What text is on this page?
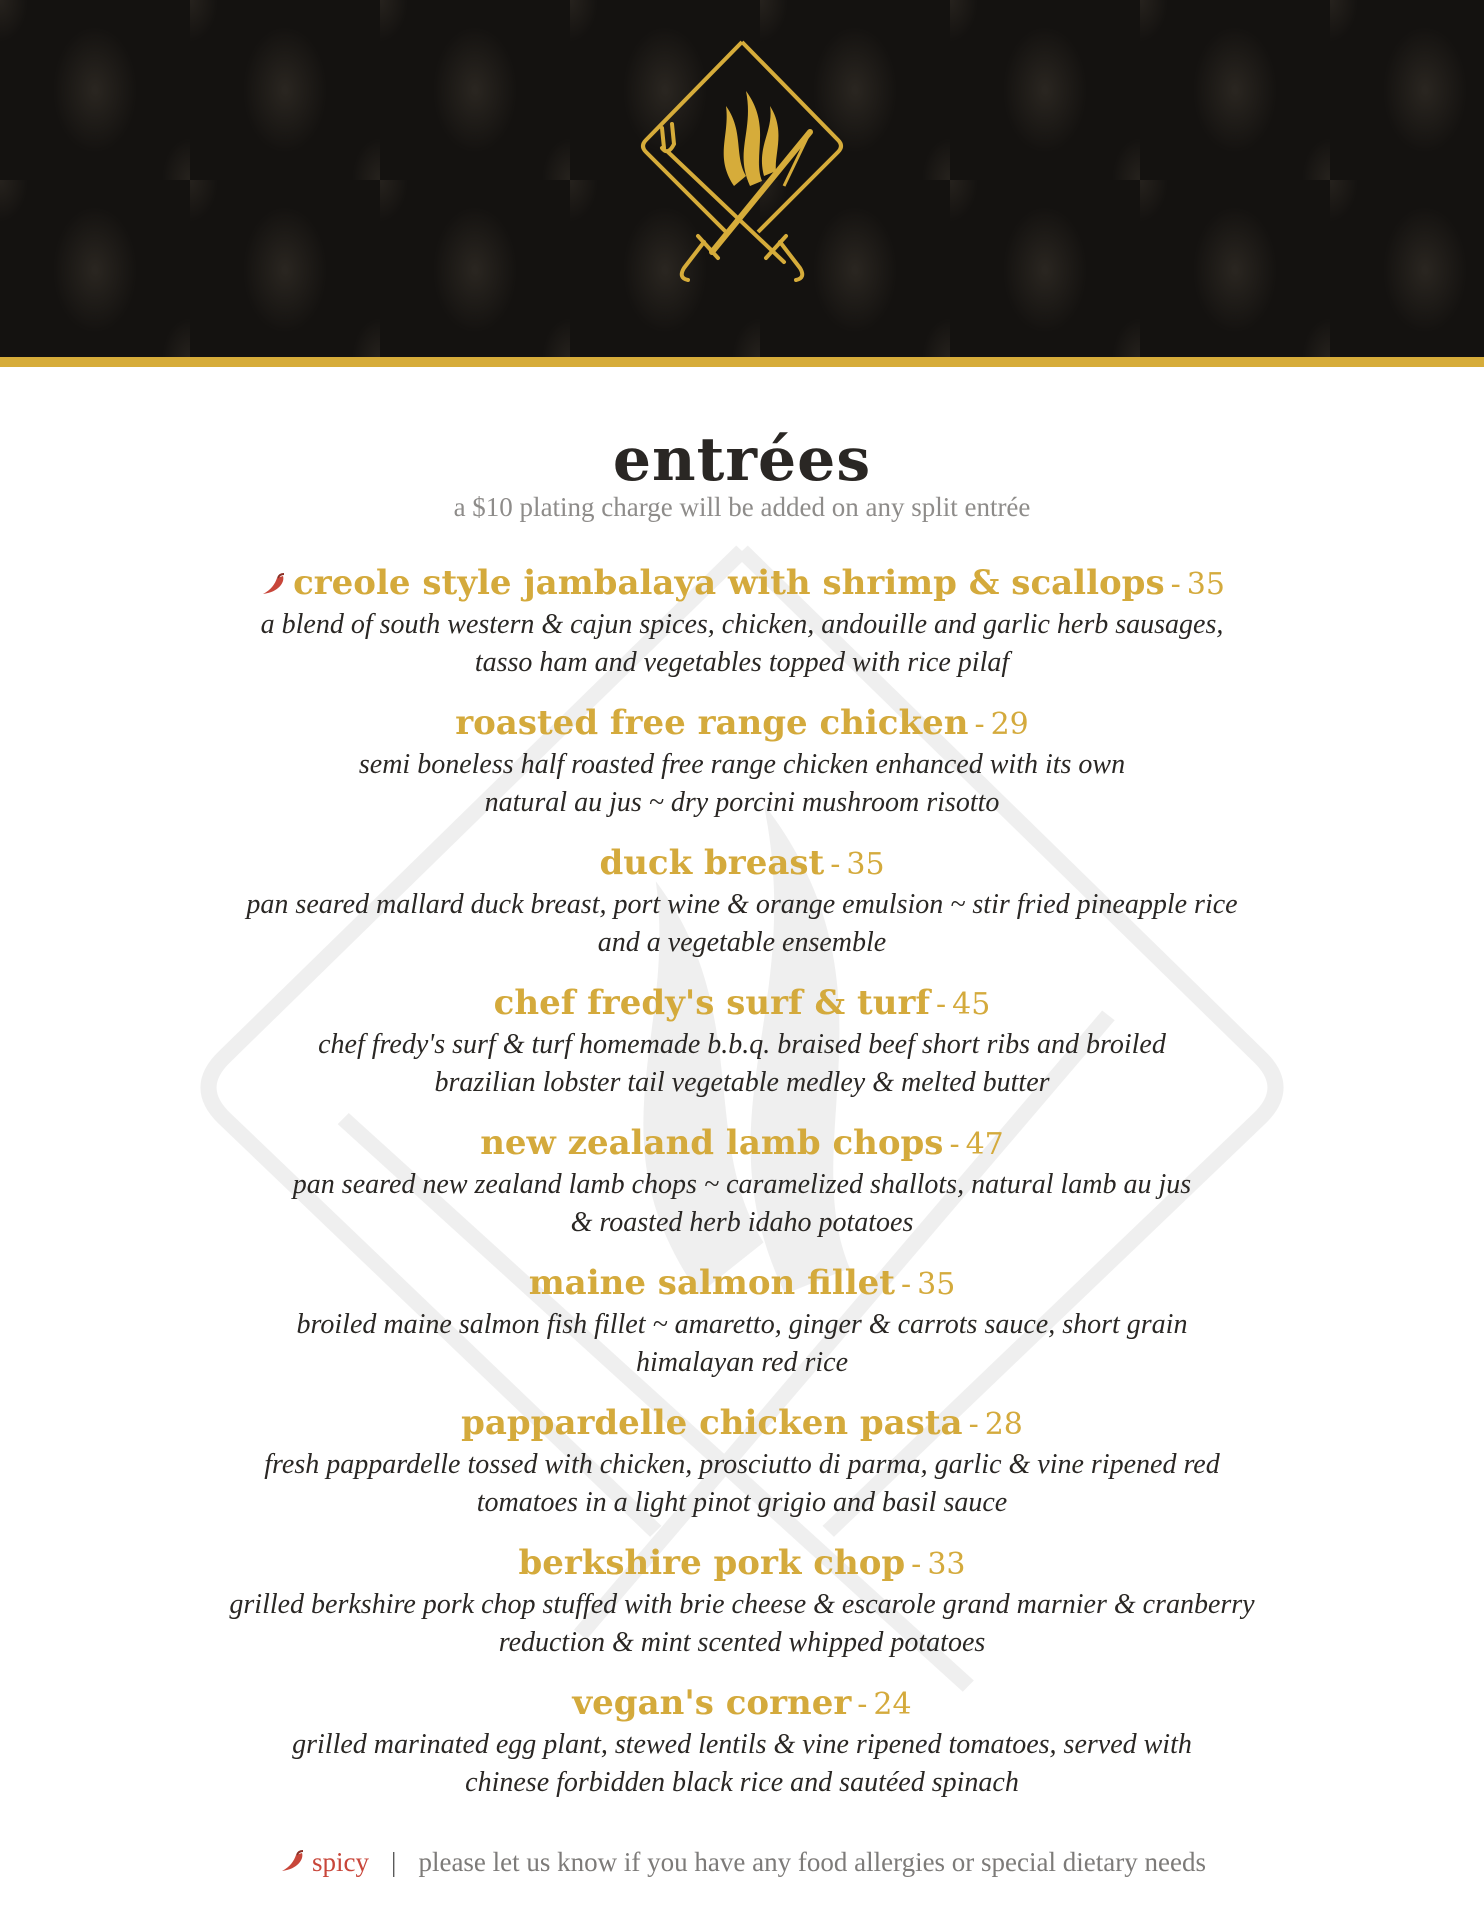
entrées
a $10 plating charge will be added on any split entrée
creole style jambalaya with shrimp & scallops - 35
a blend of south western & cajun spices, chicken, andouille and garlic herb sausages,
tasso ham and vegetables topped with rice pilaf
roasted free range chicken - 29
semi boneless half roasted free range chicken enhanced with its own
natural au jus ~ dry porcini mushroom risotto
duck breast - 35
pan seared mallard duck breast, port wine & orange emulsion ~ stir fried pineapple rice
and a vegetable ensemble
chef fredy's surf & turf - 45
chef fredy's surf & turf homemade b.b.q. braised beef short ribs and broiled
brazilian lobster tail vegetable medley & melted butter
new zealand lamb chops - 47
pan seared new zealand lamb chops ~ caramelized shallots, natural lamb au jus
& roasted herb idaho potatoes
maine salmon fillet - 35
broiled maine salmon fish fillet ~ amaretto, ginger & carrots sauce, short grain
himalayan red rice
pappardelle chicken pasta - 28
fresh pappardelle tossed with chicken, prosciutto di parma, garlic & vine ripened red
tomatoes in a light pinot grigio and basil sauce
berkshire pork chop - 33
grilled berkshire pork chop stuffed with brie cheese & escarole grand marnier & cranberry
reduction & mint scented whipped potatoes
vegan's corner - 24
grilled marinated egg plant, stewed lentils & vine ripened tomatoes, served with
chinese forbidden black rice and sautéed spinach
spicy | please let us know if you have any food allergies or special dietary needs
